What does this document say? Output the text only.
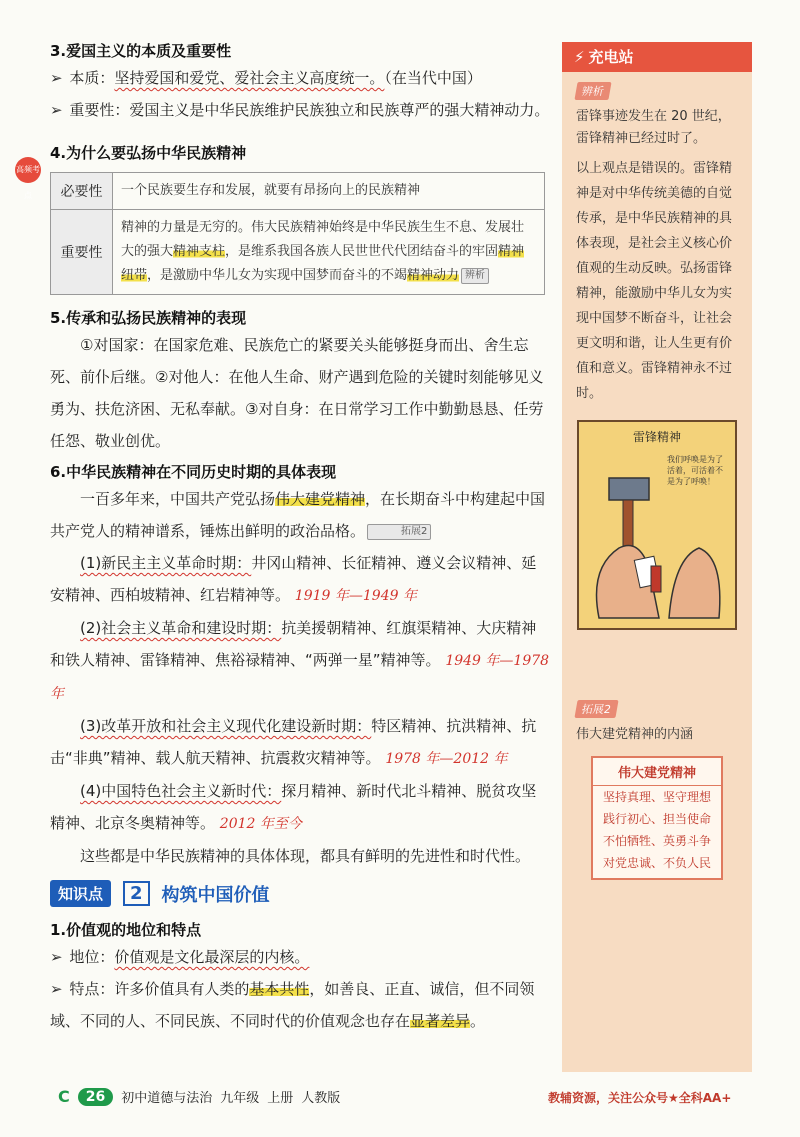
3.爱国主义的本质及重要性
➢ 本质：坚持爱国和爱党、爱社会主义高度统一。（在当代中国）
➢ 重要性：爱国主义是中华民族维护民族独立和民族尊严的强大精神动力。
4.为什么要弘扬中华民族精神
必要性	一个民族要生存和发展，就要有昂扬向上的民族精神
重要性	精神的力量是无穷的。伟大民族精神始终是中华民族生生不息、发展壮大的强大精神支柱，是维系我国各族人民世世代代团结奋斗的牢固精神纽带，是激励中华儿女为实现中国梦而奋斗的不竭精神动力 辨析
5.传承和弘扬民族精神的表现
①对国家：在国家危难、民族危亡的紧要关头能够挺身而出、舍生忘死、前仆后继。②对他人：在他人生命、财产遇到危险的关键时刻能够见义勇为、扶危济困、无私奉献。③对自身：在日常学习工作中勤勤恳恳、任劳任怨、敬业创优。
6.中华民族精神在不同历史时期的具体表现
一百多年来，中国共产党弘扬伟大建党精神，在长期奋斗中构建起中国共产党人的精神谱系，锤炼出鲜明的政治品格。	拓展2
(1)新民主主义革命时期：井冈山精神、长征精神、遵义会议精神、延安精神、西柏坡精神、红岩精神等。 1919 年—1949 年
(2)社会主义革命和建设时期：抗美援朝精神、红旗渠精神、大庆精神和铁人精神、雷锋精神、焦裕禄精神、“两弹一星”精神等。 1949 年—1978 年
(3)改革开放和社会主义现代化建设新时期：特区精神、抗洪精神、抗击“非典”精神、载人航天精神、抗震救灾精神等。 1978 年—2012 年
(4)中国特色社会主义新时代：探月精神、新时代北斗精神、脱贫攻坚精神、北京冬奥精神等。 2012 年至今
这些都是中华民族精神的具体体现，都具有鲜明的先进性和时代性。
知识点	2	构筑中国价值
1.价值观的地位和特点
➢ 地位：价值观是文化最深层的内核。
➢ 特点：许多价值具有人类的基本共性，如善良、正直、诚信，但不同领域、不同的人、不同民族、不同时代的价值观念也存在显著差异。
高频考点
⚡ 充电站
辨析
雷锋事迹发生在 20 世纪，雷锋精神已经过时了。
以上观点是错误的。雷锋精神是对中华传统美德的自觉传承，是中华民族精神的具体表现，是社会主义核心价值观的生动反映。弘扬雷锋精神，能激励中华儿女为实现中国梦不断奋斗，让社会更文明和谐，让人生更有价值和意义。雷锋精神永不过时。
雷锋精神
我们呼唤是为了活着，可活着不是为了呼唤！
拓展2
伟大建党精神的内涵
伟大建党精神
坚持真理、坚守理想
践行初心、担当使命
不怕牺牲、英勇斗争
对党忠诚、不负人民
C	26	初中道德与法治 九年级 上册 人教版	教辅资源，关注公众号★全科AA+
